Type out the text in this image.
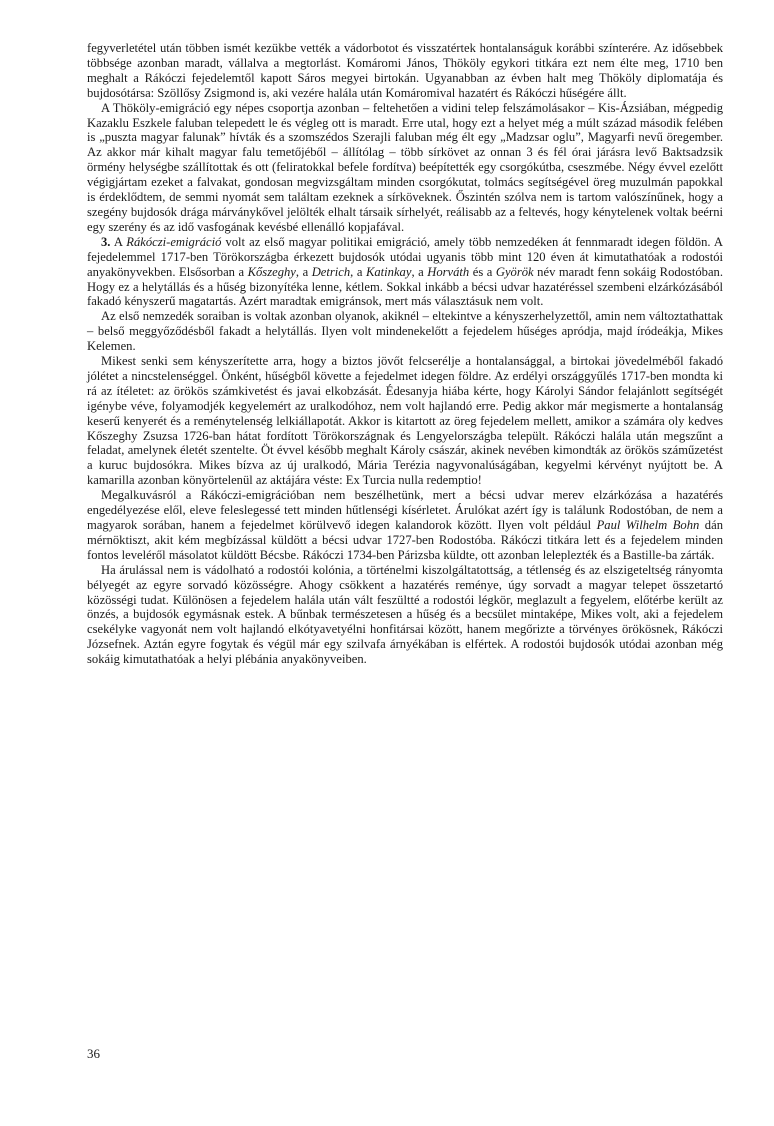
fegyverletétel után többen ismét kezükbe vették a vádorbotot és visszatértek hontalanságuk korábbi színterére. Az idősebbek többsége azonban maradt, vállalva a megtorlást. Komáromi János, Thököly egykori titkára ezt nem élte meg, 1710 ben meghalt a Rákóczi fejedelemtől kapott Sáros megyei birtokán. Ugyanabban az évben halt meg Thököly diplomatája és bujdosótársa: Szöllősy Zsigmond is, aki vezére halála után Komáromival hazatért és Rákóczi hűségére állt.

A Thököly-emigráció egy népes csoportja azonban – feltehetően a vidini telep felszámolásakor – Kis-Ázsiában, mégpedig Kazaklu Eszkele faluban telepedett le és végleg ott is maradt. Erre utal, hogy ezt a helyet még a múlt század második felében is „puszta magyar falunak” hívták és a szomszédos Szerajli faluban még élt egy „Madzsar oglu”, Magyarfi nevű öregember. Az akkor már kihalt magyar falu temetőjéből – állítólag – több sírkövet az onnan 3 és fél órai járásra levő Baktsadzsik örmény helységbe szállítottak és ott (feliratokkal befele fordítva) beépítették egy csorgókútba, cseszmébe. Négy évvel ezelőtt végigjártam ezeket a falvakat, gondosan megvizsgáltam minden csorgókutat, tolmács segítségével öreg muzulmán papokkal is érdeklődtem, de semmi nyomát sem találtam ezeknek a sírköveknek. Őszintén szólva nem is tartom valószínűnek, hogy a szegény bujdosók drága márványkővel jelölték elhalt társaik sírhelyét, reálisabb az a feltevés, hogy kénytelenek voltak beérni egy szerény és az idő vasfogának kevésbé ellenálló kopjafával.

3. A Rákóczi-emigráció volt az első magyar politikai emigráció, amely több nemzedéken át fennmaradt idegen földön. A fejedelemmel 1717-ben Törökországba érkezett bujdosók utódai ugyanis több mint 120 éven át kimutathatóak a rodostói anyakönyvekben. Elsősorban a Kőszeghy, a Detrich, a Katinkay, a Horváth és a Györök név maradt fenn sokáig Rodostóban. Hogy ez a helytállás és a hűség bizonyítéka lenne, kétlem. Sokkal inkább a bécsi udvar hazatéréssel szembeni elzárkózásából fakadó kényszerű magatartás. Azért maradtak emigránsok, mert más választásuk nem volt.

Az első nemzedék soraiban is voltak azonban olyanok, akiknél – eltekintve a kényszerhelyzettől, amin nem változtathattak – belső meggyőződésből fakadt a helytállás. Ilyen volt mindenekelőtt a fejedelem hűséges apródja, majd íródeákja, Mikes Kelemen.

Mikest senki sem kényszerítette arra, hogy a biztos jövőt felcserélje a hontalansággal, a birtokai jövedelméből fakadó jólétet a nincstelenséggel. Önként, hűségből követte a fejedelmet idegen földre. Az erdélyi országgyűlés 1717-ben mondta ki rá az ítéletet: az örökös számkivetést és javai elkobzását. Édesanyja hiába kérte, hogy Károlyi Sándor felajánlott segítségét igénybe véve, folyamodjék kegyelemért az uralkodóhoz, nem volt hajlandó erre. Pedig akkor már megismerte a hontalanság keserű kenyerét és a reménytelenség lelkiállapotát. Akkor is kitartott az öreg fejedelem mellett, amikor a számára oly kedves Kőszeghy Zsuzsa 1726-ban hátat fordított Törökországnak és Lengyelországba települt. Rákóczi halála után megszűnt a feladat, amelynek életét szentelte. Öt évvel később meghalt Károly császár, akinek nevében kimondták az örökös száműzetést a kuruc bujdosókra. Mikes bízva az új uralkodó, Mária Terézia nagyvonalúságában, kegyelmi kérvényt nyújtott be. A kamarilla azonban könyörtelenül az aktájára véste: Ex Turcia nulla redemptio!

Megalkuvásról a Rákóczi-emigrációban nem beszélhetünk, mert a bécsi udvar merev elzárkózása a hazatérés engedélyezése elől, eleve feleslegessé tett minden hűtlenségi kísérletet. Árulókat azért így is találunk Rodostóban, de nem a magyarok sorában, hanem a fejedelmet körülvevő idegen kalandorok között. Ilyen volt például Paul Wilhelm Bohn dán mérnöktiszt, akit kém megbízással küldött a bécsi udvar 1727-ben Rodostóba. Rákóczi titkára lett és a fejedelem minden fontos leveléről másolatot küldött Bécsbe. Rákóczi 1734-ben Párizsba küldte, ott azonban leleplezték és a Bastille-ba zárták.

Ha árulással nem is vádolható a rodostói kolónia, a történelmi kiszolgáltatottság, a tétlenség és az elszigeteltség rányomta bélyegét az egyre sorvadó közösségre. Ahogy csökkent a hazatérés reménye, úgy sorvadt a magyar telepet összetartó közösségi tudat. Különösen a fejedelem halála után vált feszültté a rodostói légkör, meglazult a fegyelem, előtérbe került az önzés, a bujdosók egymásnak estek. A bűnbak természetesen a hűség és a becsület mintaképe, Mikes volt, aki a fejedelem csekélyke vagyonát nem volt hajlandó elkótyavetyélni honfitársai között, hanem megőrizte a törvényes örökösnek, Rákóczi Józsefnek. Aztán egyre fogytak és végül már egy szilvafa árnyékában is elfértek. A rodostói bujdosók utódai azonban még sokáig kimutathatóak a helyi plébánia anyakönyveiben.

36
